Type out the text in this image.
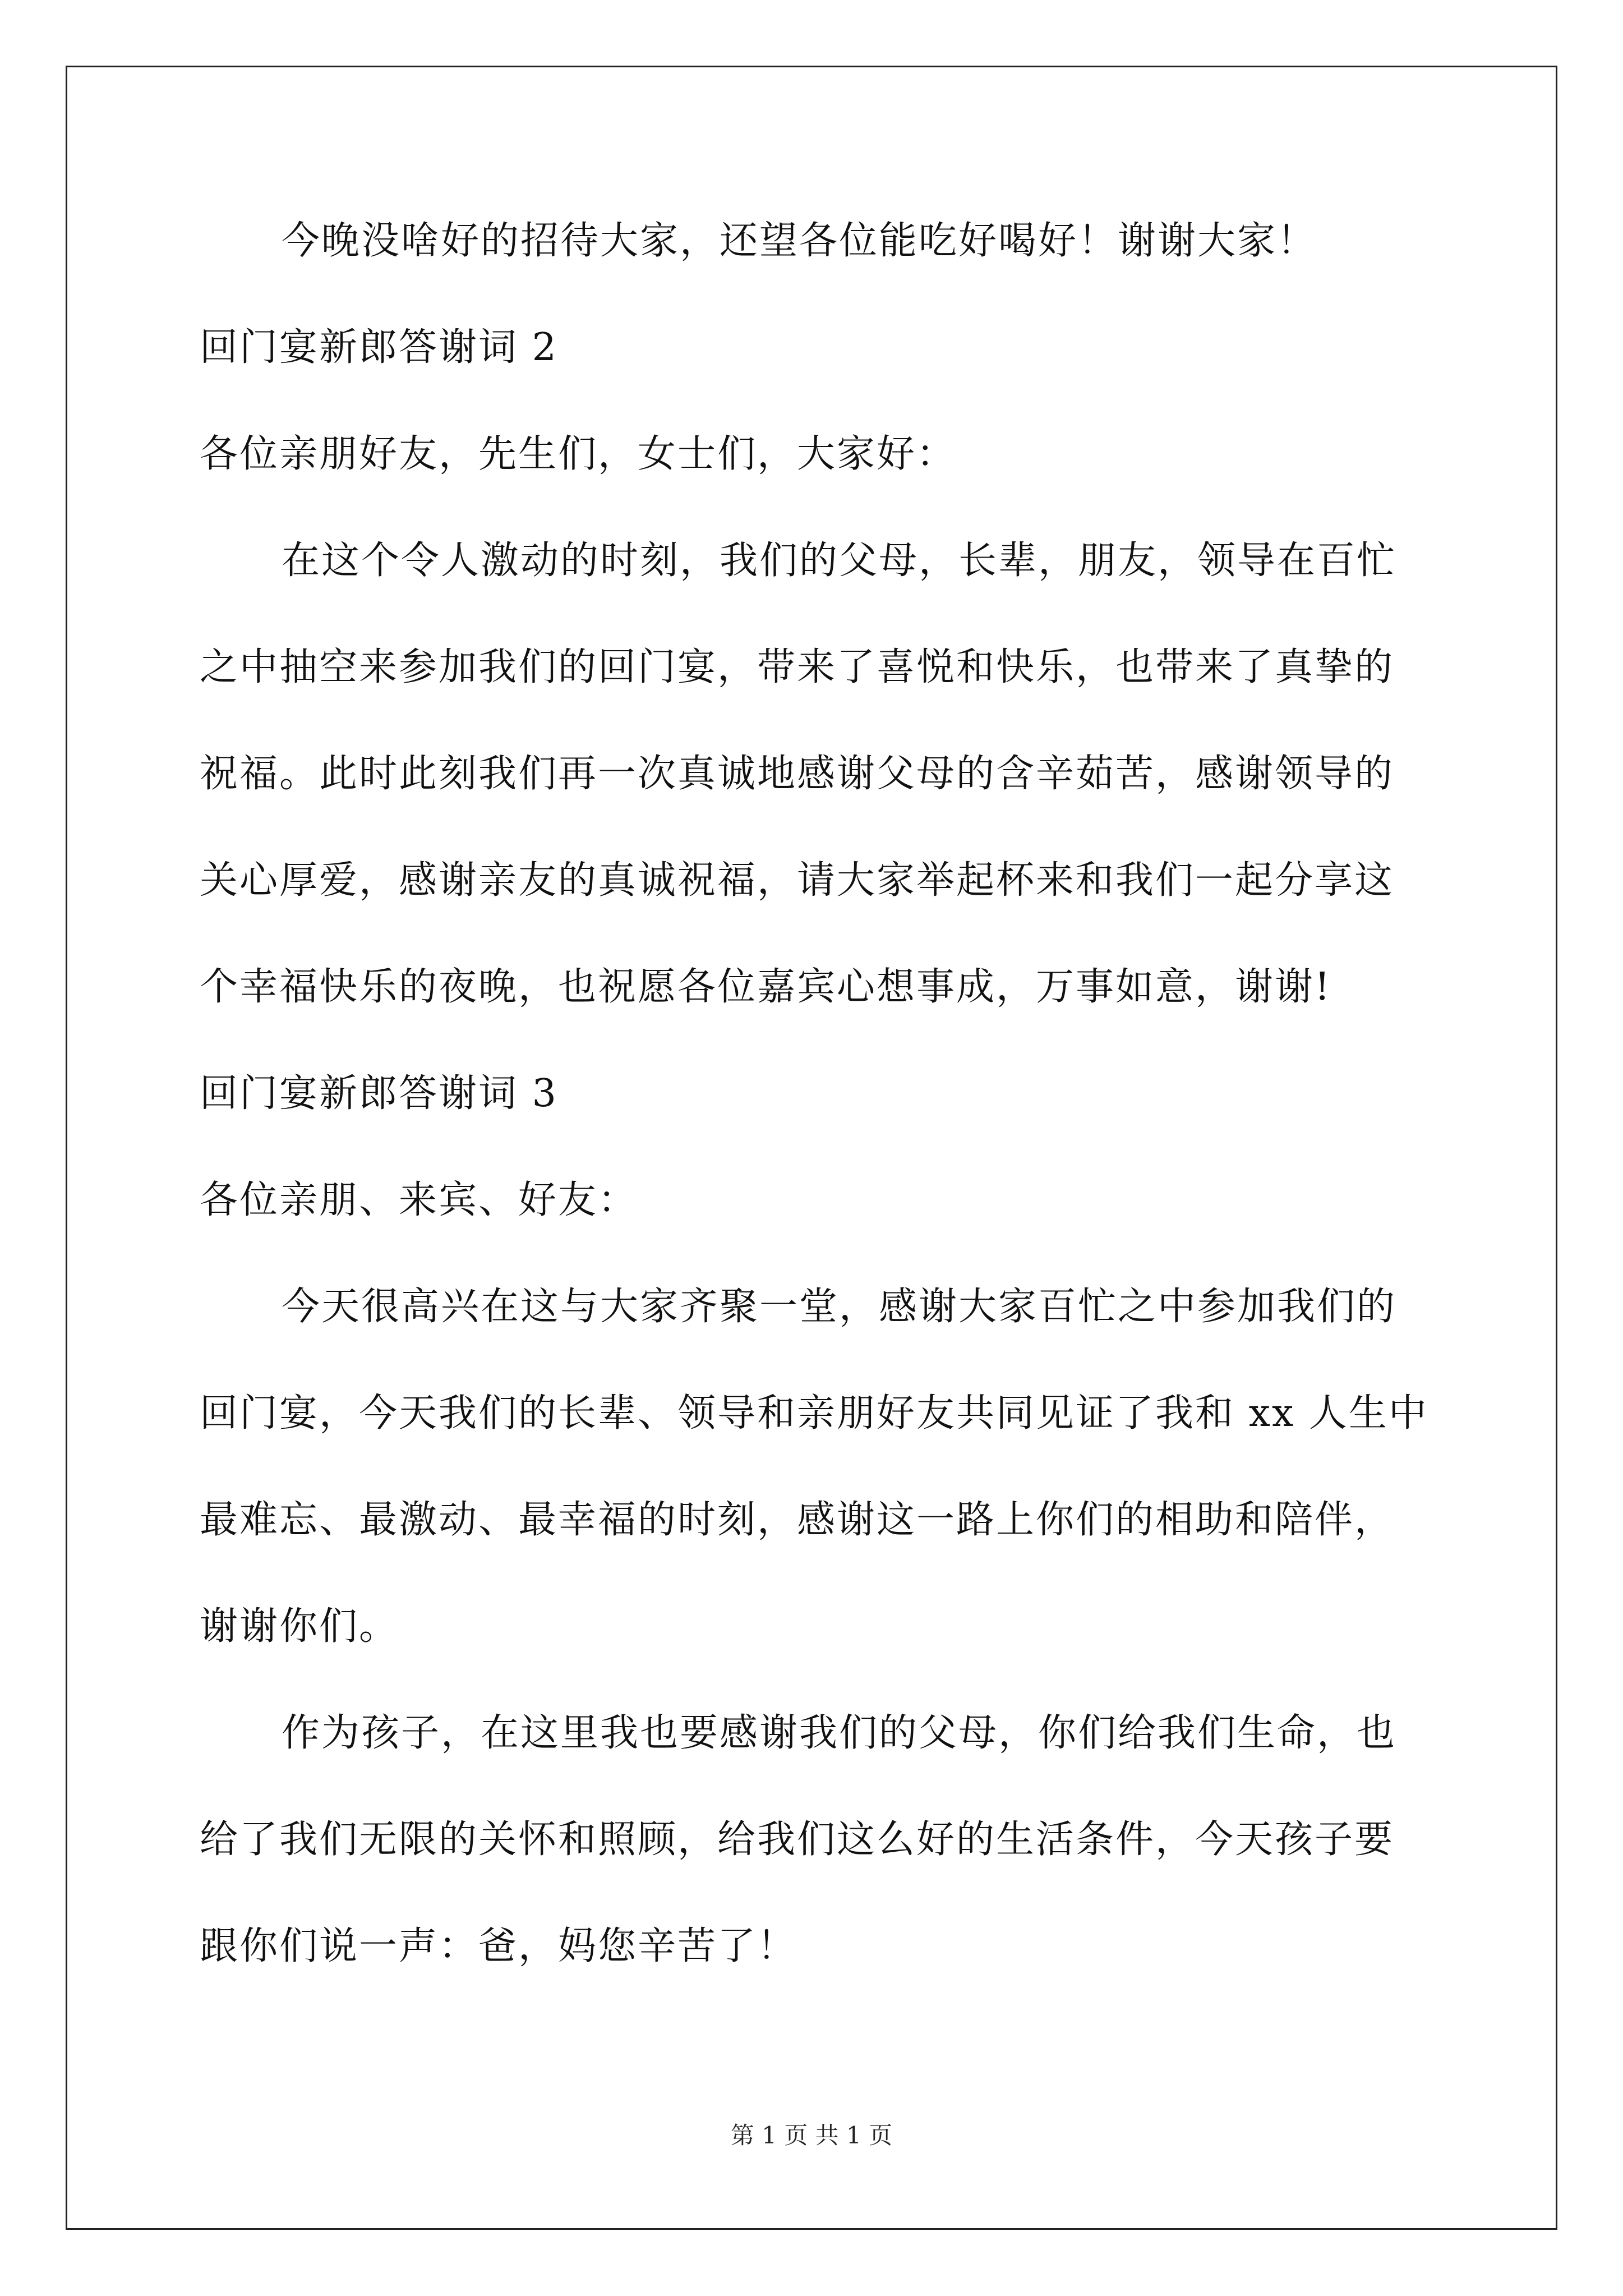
今晚没啥好的招待大家，还望各位能吃好喝好！谢谢大家！
回门宴新郎答谢词 2
各位亲朋好友，先生们，女士们，大家好：
在这个令人激动的时刻，我们的父母，长辈，朋友，领导在百忙
之中抽空来参加我们的回门宴，带来了喜悦和快乐，也带来了真挚的
祝福。此时此刻我们再一次真诚地感谢父母的含辛茹苦，感谢领导的
关心厚爱，感谢亲友的真诚祝福，请大家举起杯来和我们一起分享这
个幸福快乐的夜晚，也祝愿各位嘉宾心想事成，万事如意，谢谢!
回门宴新郎答谢词 3
各位亲朋、来宾、好友：
今天很高兴在这与大家齐聚一堂，感谢大家百忙之中参加我们的
回门宴，今天我们的长辈、领导和亲朋好友共同见证了我和 xx 人生中
最难忘、最激动、最幸福的时刻，感谢这一路上你们的相助和陪伴，
谢谢你们。
作为孩子，在这里我也要感谢我们的父母，你们给我们生命，也
给了我们无限的关怀和照顾，给我们这么好的生活条件，今天孩子要
跟你们说一声：爸，妈您辛苦了！
第 1 页 共 1 页
